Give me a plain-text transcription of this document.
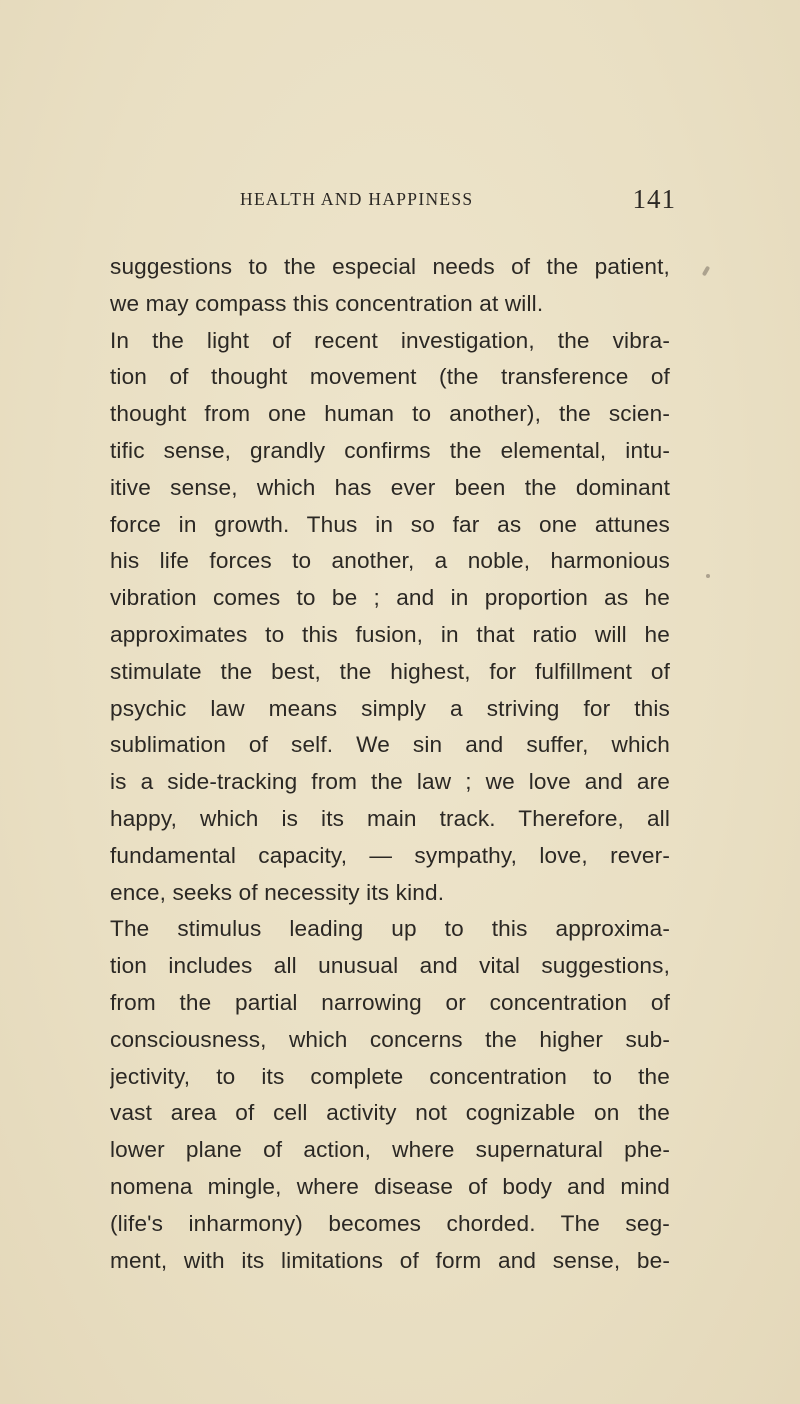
HEALTH AND HAPPINESS	141
suggestions to the especial needs of the patient,
we may compass this concentration at will.
In the light of recent investigation, the vibra-
tion of thought movement (the transference of
thought from one human to another), the scien-
tific sense, grandly confirms the elemental, intu-
itive sense, which has ever been the dominant
force in growth. Thus in so far as one attunes
his life forces to another, a noble, harmonious
vibration comes to be ; and in proportion as he
approximates to this fusion, in that ratio will he
stimulate the best, the highest, for fulfillment of
psychic law means simply a striving for this
sublimation of self. We sin and suffer, which
is a side-tracking from the law ; we love and are
happy, which is its main track. Therefore, all
fundamental capacity, — sympathy, love, rever-
ence, seeks of necessity its kind.
The stimulus leading up to this approxima-
tion includes all unusual and vital suggestions,
from the partial narrowing or concentration of
consciousness, which concerns the higher sub-
jectivity, to its complete concentration to the
vast area of cell activity not cognizable on the
lower plane of action, where supernatural phe-
nomena mingle, where disease of body and mind
(life's inharmony) becomes chorded. The seg-
ment, with its limitations of form and sense, be-
